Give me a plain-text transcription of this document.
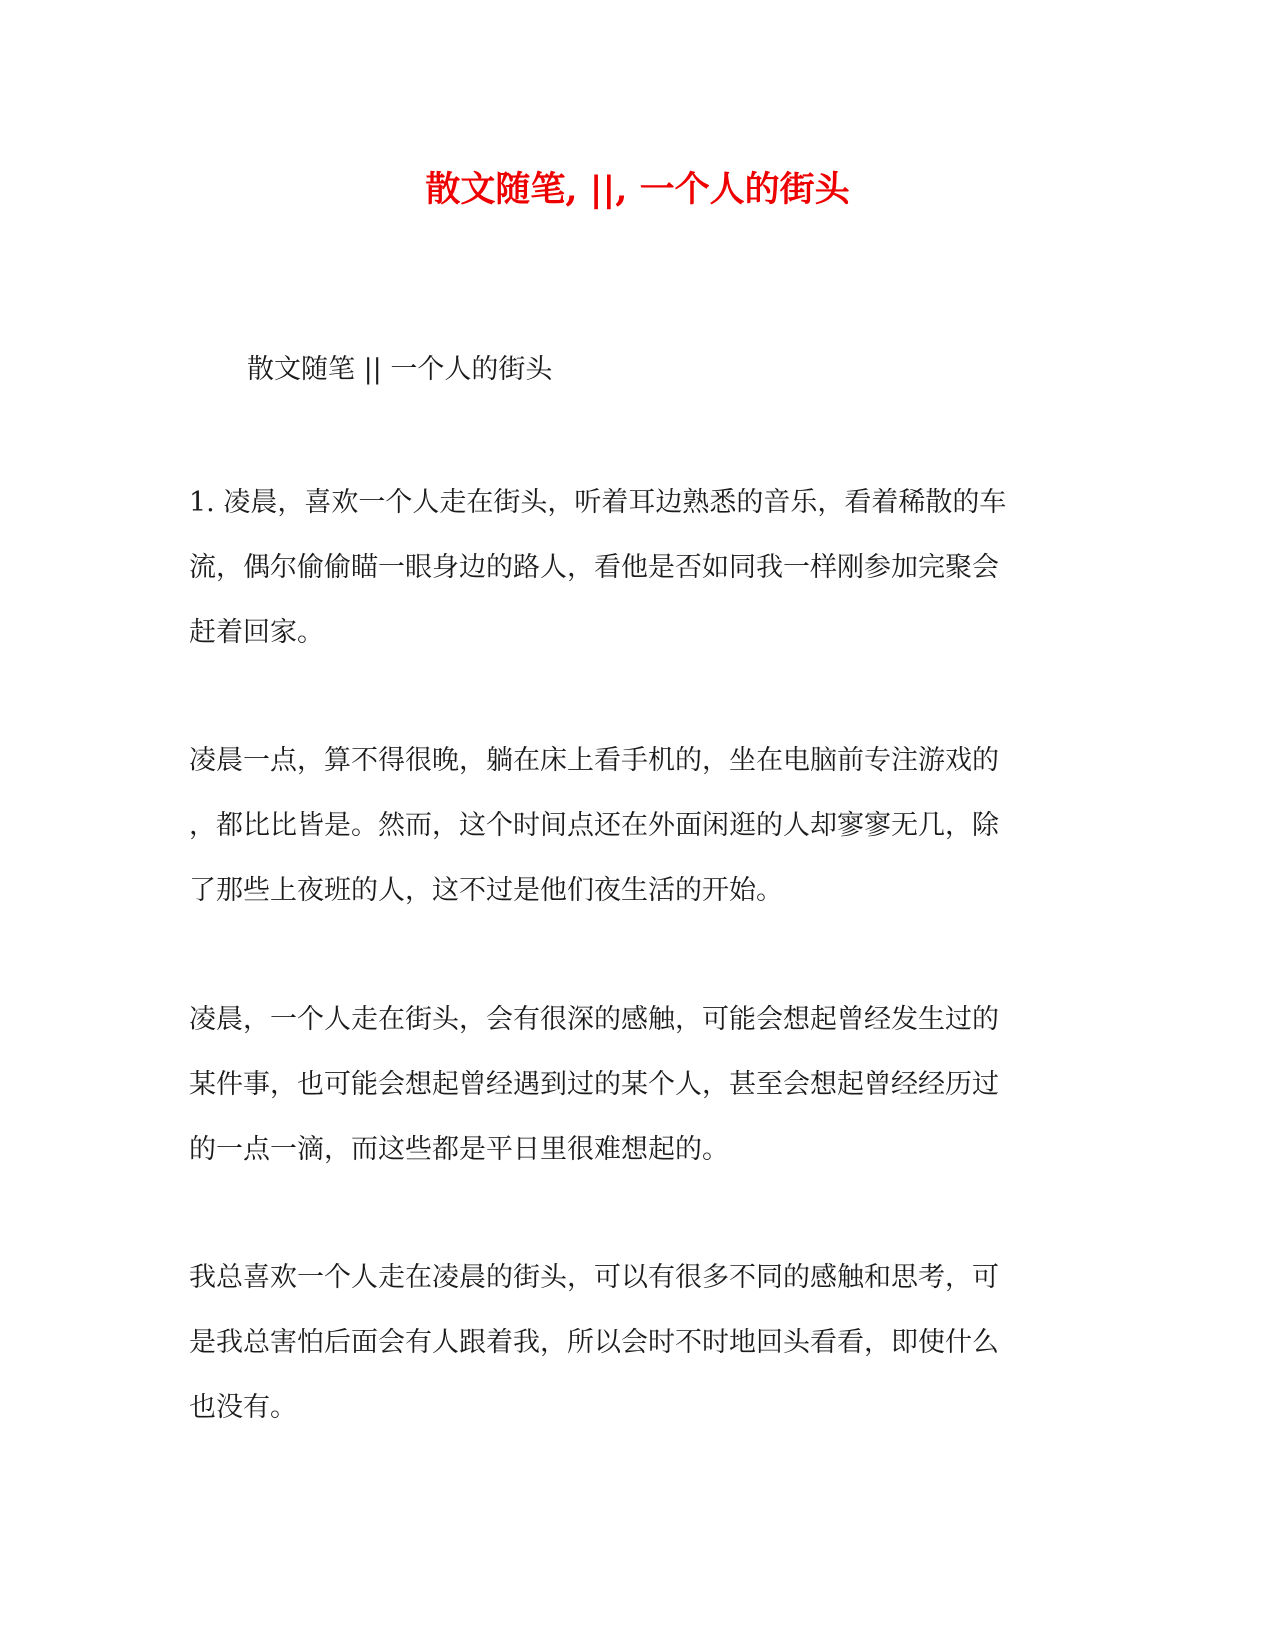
散文随笔, ||, 一个人的街头
散文随笔 || 一个人的街头
1. 凌晨，喜欢一个人走在街头，听着耳边熟悉的音乐，看着稀散的车
流，偶尔偷偷瞄一眼身边的路人，看他是否如同我一样刚参加完聚会
赶着回家。
凌晨一点，算不得很晚，躺在床上看手机的，坐在电脑前专注游戏的
，都比比皆是。然而，这个时间点还在外面闲逛的人却寥寥无几，除
了那些上夜班的人，这不过是他们夜生活的开始。
凌晨，一个人走在街头，会有很深的感触，可能会想起曾经发生过的
某件事，也可能会想起曾经遇到过的某个人，甚至会想起曾经经历过
的一点一滴，而这些都是平日里很难想起的。
我总喜欢一个人走在凌晨的街头，可以有很多不同的感触和思考，可
是我总害怕后面会有人跟着我，所以会时不时地回头看看，即使什么
也没有。
